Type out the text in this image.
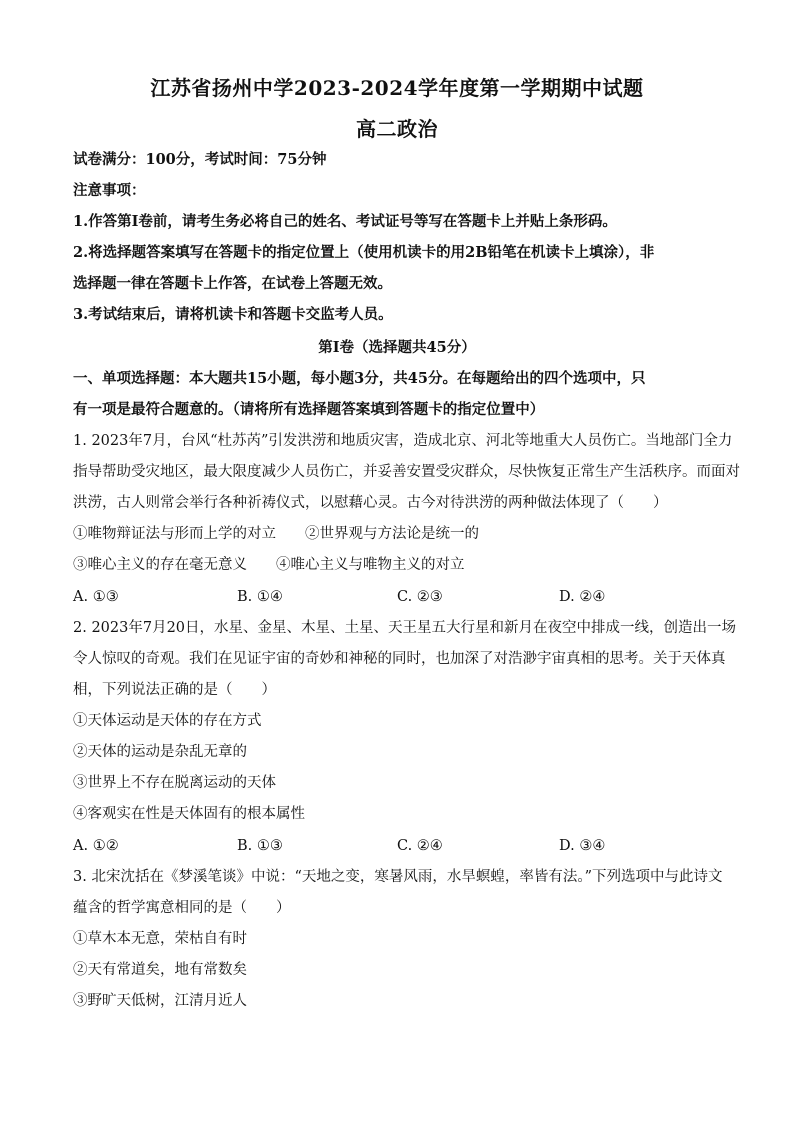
江苏省扬州中学2023-2024学年度第一学期期中试题
高二政治
试卷满分：100分，考试时间：75分钟
注意事项：
1.作答第Ⅰ卷前，请考生务必将自己的姓名、考试证号等写在答题卡上并贴上条形码。
2.将选择题答案填写在答题卡的指定位置上（使用机读卡的用2B铅笔在机读卡上填涂），非
选择题一律在答题卡上作答，在试卷上答题无效。
3.考试结束后，请将机读卡和答题卡交监考人员。
第Ⅰ卷（选择题共45分）
一、单项选择题：本大题共15小题，每小题3分，共45分。在每题给出的四个选项中，只
有一项是最符合题意的。（请将所有选择题答案填到答题卡的指定位置中）
1. 2023年7月，台风“杜苏芮”引发洪涝和地质灾害，造成北京、河北等地重大人员伤亡。当地部门全力
指导帮助受灾地区，最大限度减少人员伤亡，并妥善安置受灾群众，尽快恢复正常生产生活秩序。而面对
洪涝，古人则常会举行各种祈祷仪式，以慰藉心灵。古今对待洪涝的两种做法体现了（　　）
①唯物辩证法与形而上学的对立　　②世界观与方法论是统一的
③唯心主义的存在毫无意义　　④唯心主义与唯物主义的对立
A. ①③	B. ①④	C. ②③	D. ②④
2. 2023年7月20日，水星、金星、木星、土星、天王星五大行星和新月在夜空中排成一线，创造出一场
令人惊叹的奇观。我们在见证宇宙的奇妙和神秘的同时，也加深了对浩渺宇宙真相的思考。关于天体真
相，下列说法正确的是（　　）
①天体运动是天体的存在方式
②天体的运动是杂乱无章的
③世界上不存在脱离运动的天体
④客观实在性是天体固有的根本属性
A. ①②	B. ①③	C. ②④	D. ③④
3. 北宋沈括在《梦溪笔谈》中说：“天地之变，寒暑风雨，水旱螟蝗，率皆有法。”下列选项中与此诗文
蕴含的哲学寓意相同的是（　　）
①草木本无意，荣枯自有时
②天有常道矣，地有常数矣
③野旷天低树，江清月近人
